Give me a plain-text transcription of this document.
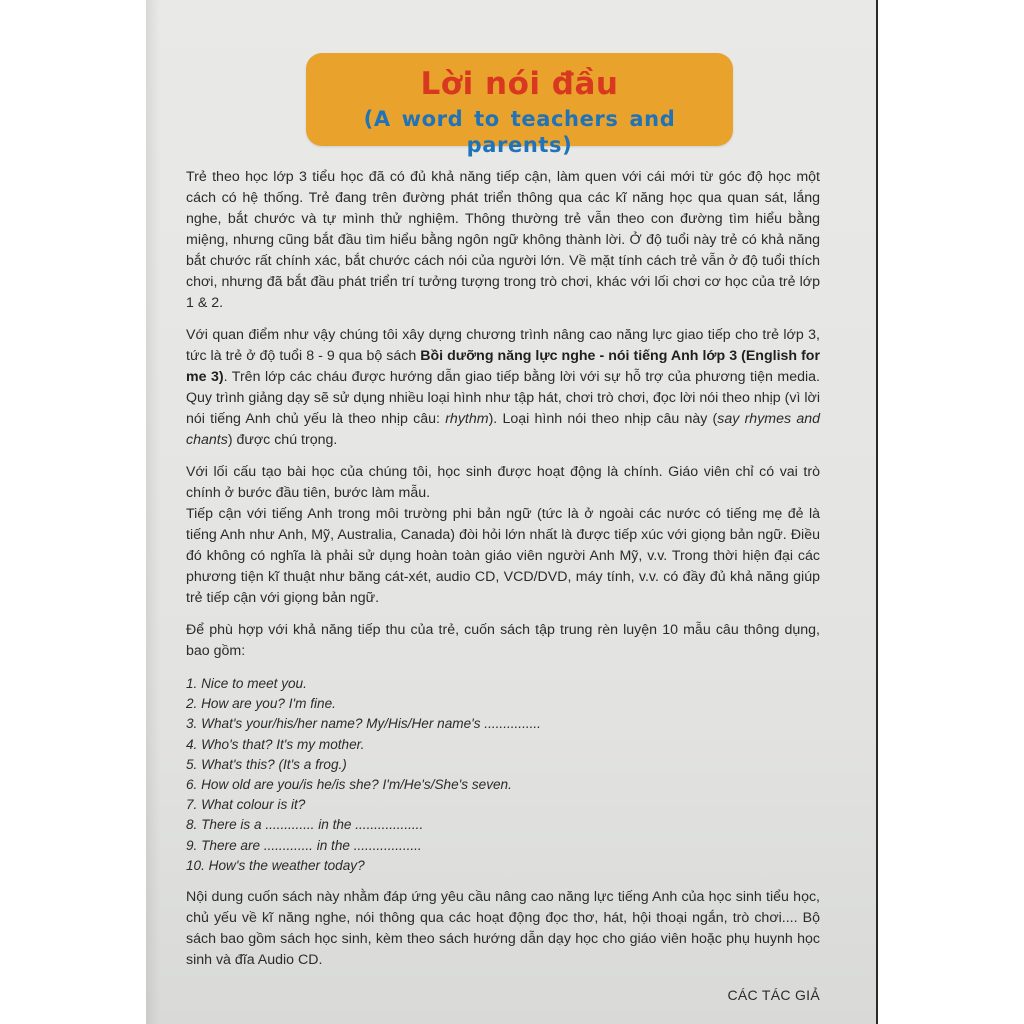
Lời nói đầu
(A word to teachers and parents)

Trẻ theo học lớp 3 tiểu học đã có đủ khả năng tiếp cận, làm quen với cái mới từ góc độ học một cách có hệ thống. Trẻ đang trên đường phát triển thông qua các kĩ năng học qua quan sát, lắng nghe, bắt chước và tự mình thử nghiệm. Thông thường trẻ vẫn theo con đường tìm hiểu bằng miệng, nhưng cũng bắt đầu tìm hiểu bằng ngôn ngữ không thành lời. Ở độ tuổi này trẻ có khả năng bắt chước rất chính xác, bắt chước cách nói của người lớn. Về mặt tính cách trẻ vẫn ở độ tuổi thích chơi, nhưng đã bắt đầu phát triển trí tưởng tượng trong trò chơi, khác với lối chơi cơ học của trẻ lớp 1 & 2.

Với quan điểm như vậy chúng tôi xây dựng chương trình nâng cao năng lực giao tiếp cho trẻ lớp 3, tức là trẻ ở độ tuổi 8 - 9 qua bộ sách Bồi dưỡng năng lực nghe - nói tiếng Anh lớp 3 (English for me 3). Trên lớp các cháu được hướng dẫn giao tiếp bằng lời với sự hỗ trợ của phương tiện media. Quy trình giảng dạy sẽ sử dụng nhiều loại hình như tập hát, chơi trò chơi, đọc lời nói theo nhịp (vì lời nói tiếng Anh chủ yếu là theo nhịp câu: rhythm). Loại hình nói theo nhịp câu này (say rhymes and chants) được chú trọng.

Với lối cấu tạo bài học của chúng tôi, học sinh được hoạt động là chính. Giáo viên chỉ có vai trò chính ở bước đầu tiên, bước làm mẫu.

Tiếp cận với tiếng Anh trong môi trường phi bản ngữ (tức là ở ngoài các nước có tiếng mẹ đẻ là tiếng Anh như Anh, Mỹ, Australia, Canada) đòi hỏi lớn nhất là được tiếp xúc với giọng bản ngữ. Điều đó không có nghĩa là phải sử dụng hoàn toàn giáo viên người Anh Mỹ, v.v. Trong thời hiện đại các phương tiện kĩ thuật như băng cát-xét, audio CD, VCD/DVD, máy tính, v.v. có đầy đủ khả năng giúp trẻ tiếp cận với giọng bản ngữ.

Để phù hợp với khả năng tiếp thu của trẻ, cuốn sách tập trung rèn luyện 10 mẫu câu thông dụng, bao gồm:

1. Nice to meet you.
2. How are you? I'm fine.
3. What's your/his/her name? My/His/Her name's ...............
4. Who's that? It's my mother.
5. What's this? (It's a frog.)
6. How old are you/is he/is she? I'm/He's/She's seven.
7. What colour is it?
8. There is a ............. in the ..................
9. There are ............. in the ..................
10. How's the weather today?

Nội dung cuốn sách này nhằm đáp ứng yêu cầu nâng cao năng lực tiếng Anh của học sinh tiểu học, chủ yếu về kĩ năng nghe, nói thông qua các hoạt động đọc thơ, hát, hội thoại ngắn, trò chơi.... Bộ sách bao gồm sách học sinh, kèm theo sách hướng dẫn dạy học cho giáo viên hoặc phụ huynh học sinh và đĩa Audio CD.

CÁC TÁC GIẢ
